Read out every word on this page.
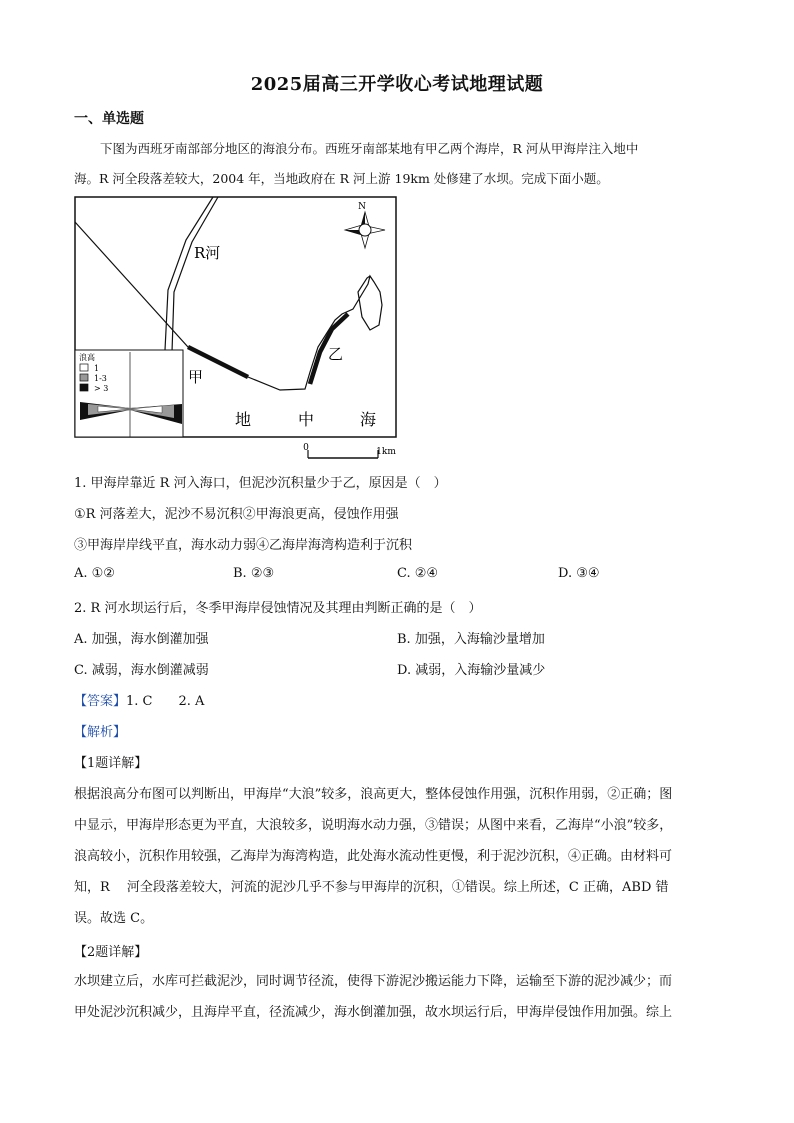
2025届高三开学收心考试地理试题
一、单选题
下图为西班牙南部部分地区的海浪分布。西班牙南部某地有甲乙两个海岸，R 河从甲海岸注入地中
海。R 河全段落差较大，2004 年，当地政府在 R 河上游 19km 处修建了水坝。完成下面小题。
R河
甲
乙
地	中	海
N
浪高
1
1-3
> 3
0	1km
1. 甲海岸靠近 R 河入海口，但泥沙沉积量少于乙，原因是（　）
①R 河落差大，泥沙不易沉积②甲海浪更高，侵蚀作用强
③甲海岸岸线平直，海水动力弱④乙海岸海湾构造利于沉积
A. ①②	B. ②③	C. ②④	D. ③④
2. R 河水坝运行后，冬季甲海岸侵蚀情况及其理由判断正确的是（　）
A. 加强，海水倒灌加强	B. 加强，入海输沙量增加
C. 减弱，海水倒灌减弱	D. 减弱，入海输沙量减少
【答案】1. C　　2. A
【解析】
【1题详解】
根据浪高分布图可以判断出，甲海岸“大浪”较多，浪高更大，整体侵蚀作用强，沉积作用弱，②正确；图
中显示，甲海岸形态更为平直，大浪较多，说明海水动力强，③错误；从图中来看，乙海岸“小浪”较多，
浪高较小，沉积作用较强，乙海岸为海湾构造，此处海水流动性更慢，利于泥沙沉积，④正确。由材料可
知，R　 河全段落差较大，河流的泥沙几乎不参与甲海岸的沉积，①错误。综上所述，C 正确，ABD 错
误。故选 C。
【2题详解】
水坝建立后，水库可拦截泥沙，同时调节径流，使得下游泥沙搬运能力下降，运输至下游的泥沙减少；而
甲处泥沙沉积减少，且海岸平直，径流减少，海水倒灌加强，故水坝运行后，甲海岸侵蚀作用加强。综上
